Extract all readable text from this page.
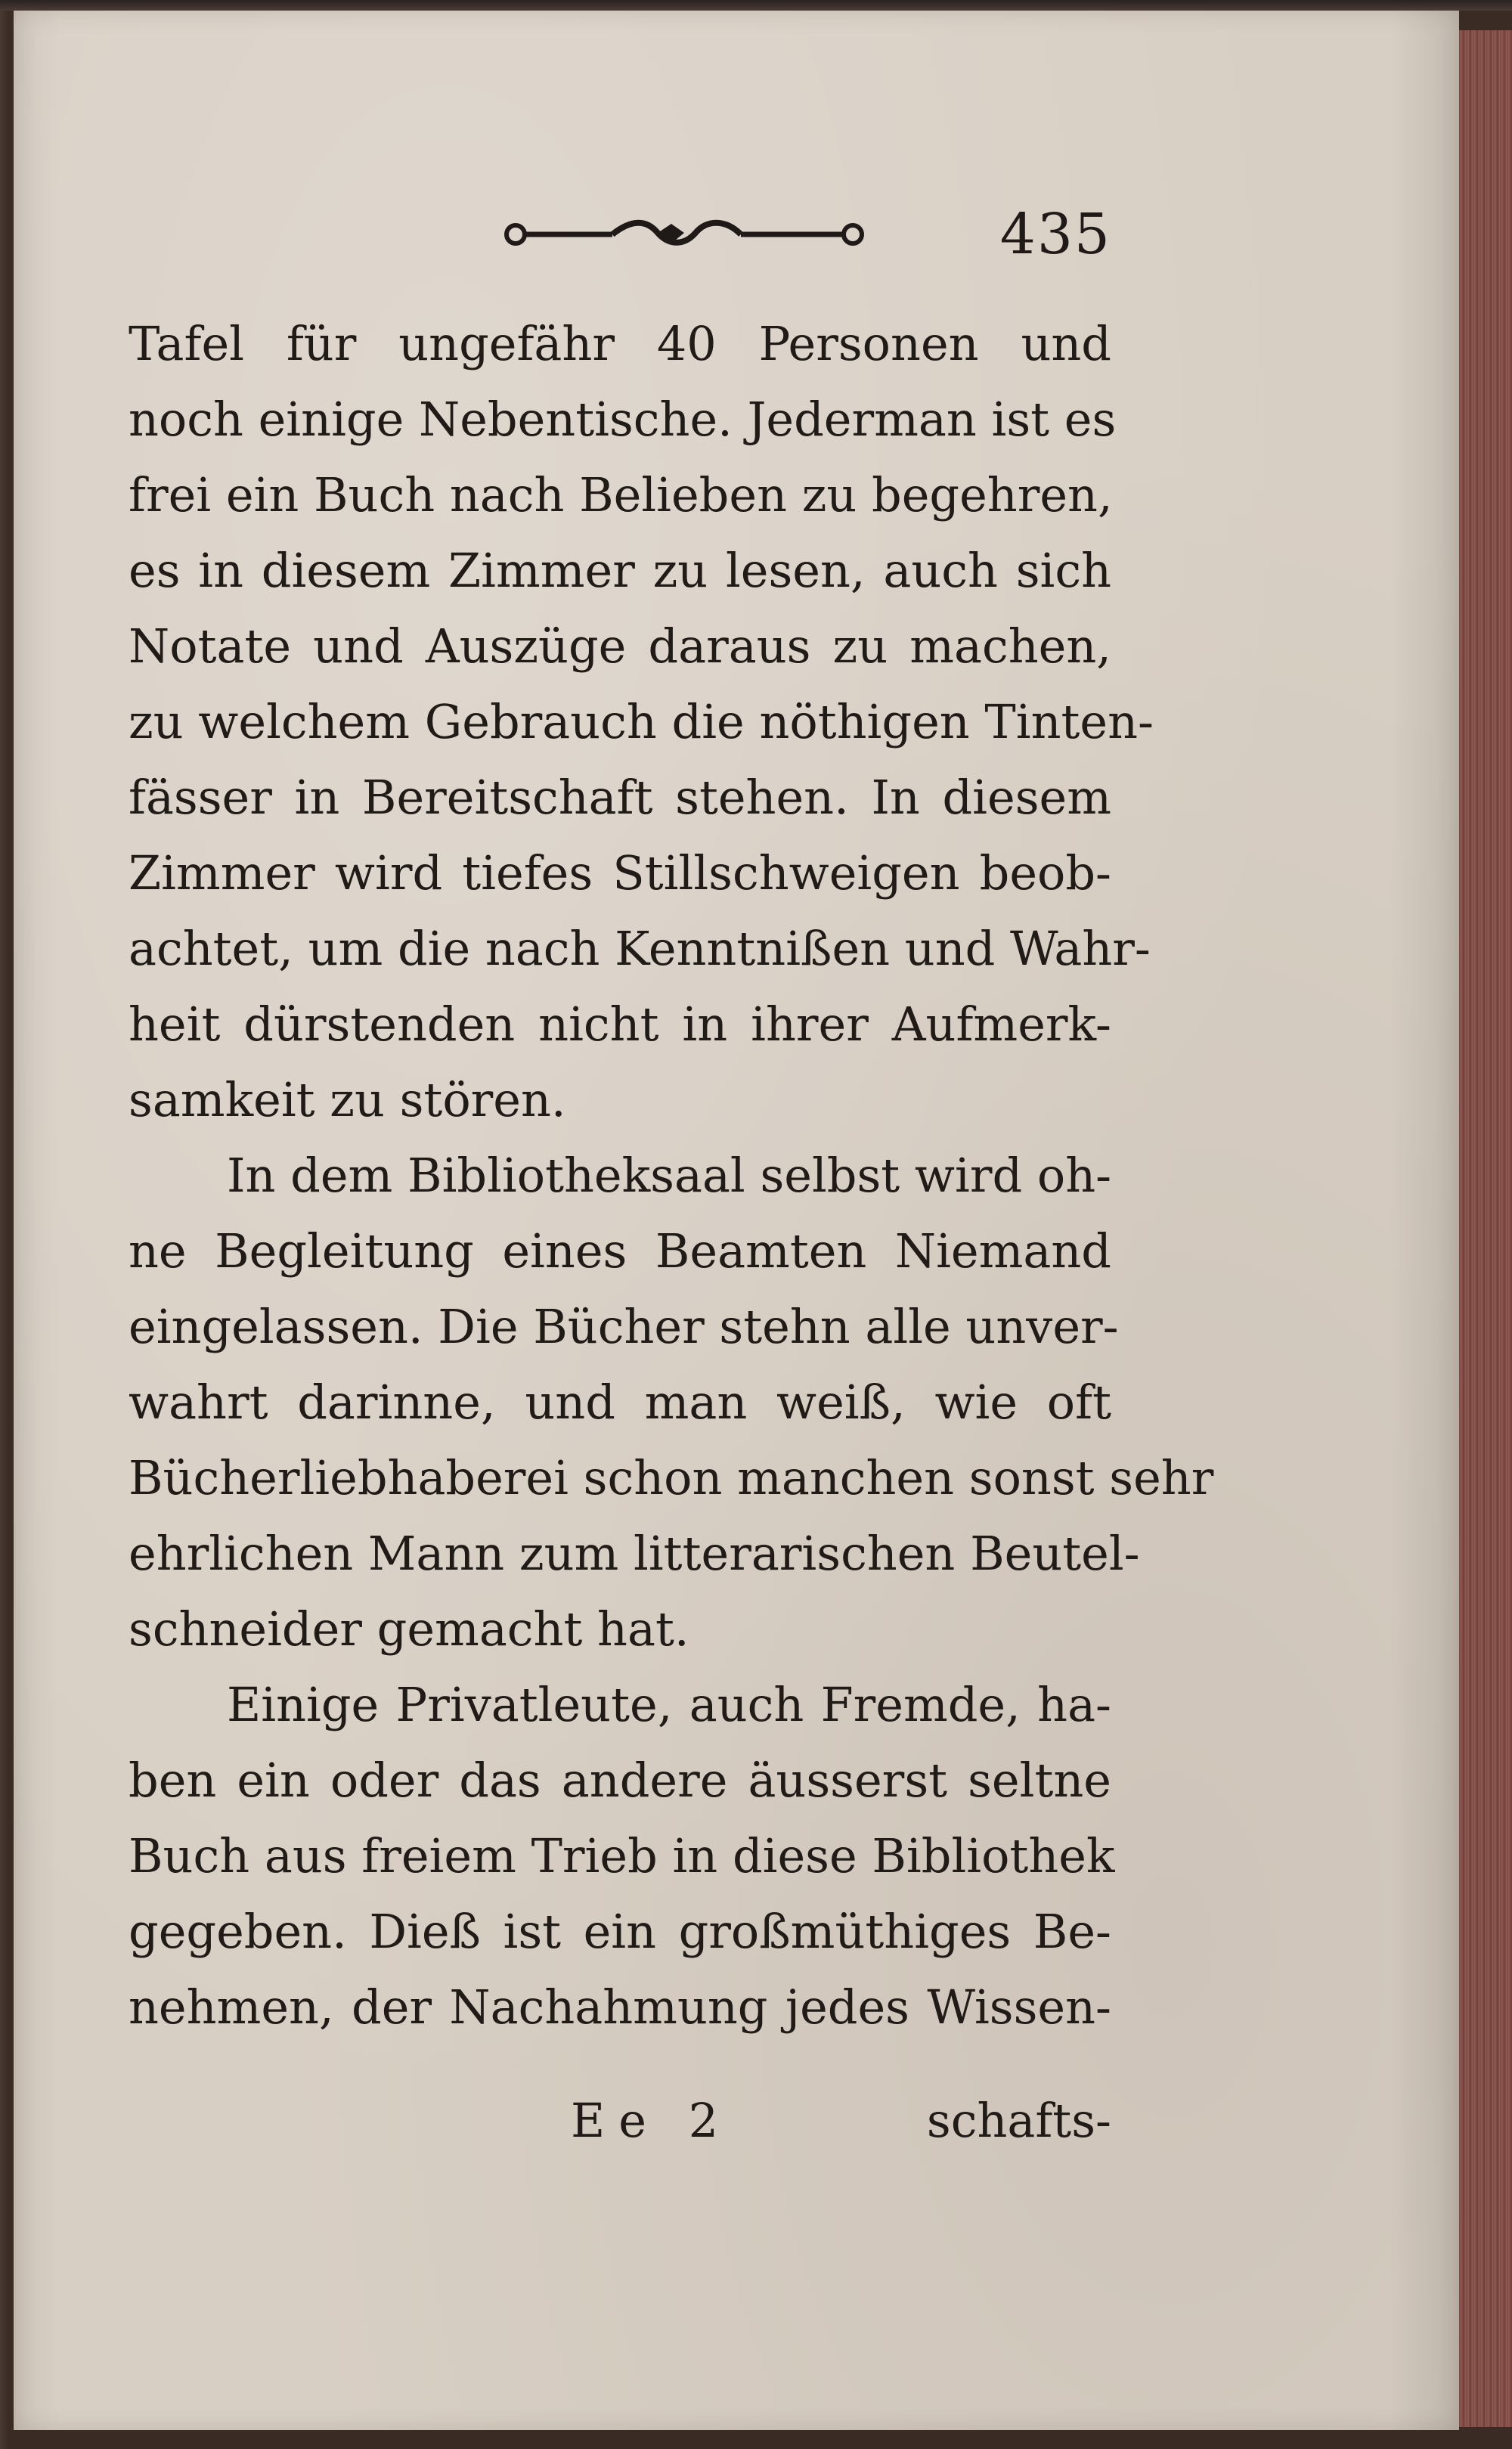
435
Tafel für ungefähr 40 Personen und
noch einige Nebentische. Jederman ist es
frei ein Buch nach Belieben zu begehren,
es in diesem Zimmer zu lesen, auch sich
Notate und Auszüge daraus zu machen,
zu welchem Gebrauch die nöthigen Tinten-
fässer in Bereitschaft stehen. In diesem
Zimmer wird tiefes Stillschweigen beob-
achtet, um die nach Kenntnißen und Wahr-
heit dürstenden nicht in ihrer Aufmerk-
samkeit zu stören.
In dem Bibliotheksaal selbst wird oh-
ne Begleitung eines Beamten Niemand
eingelassen. Die Bücher stehn alle unver-
wahrt darinne, und man weiß, wie oft
Bücherliebhaberei schon manchen sonst sehr
ehrlichen Mann zum litterarischen Beutel-
schneider gemacht hat.
Einige Privatleute, auch Fremde, ha-
ben ein oder das andere äusserst seltne
Buch aus freiem Trieb in diese Bibliothek
gegeben. Dieß ist ein großmüthiges Be-
nehmen, der Nachahmung jedes Wissen-
Ee 2	schafts-
